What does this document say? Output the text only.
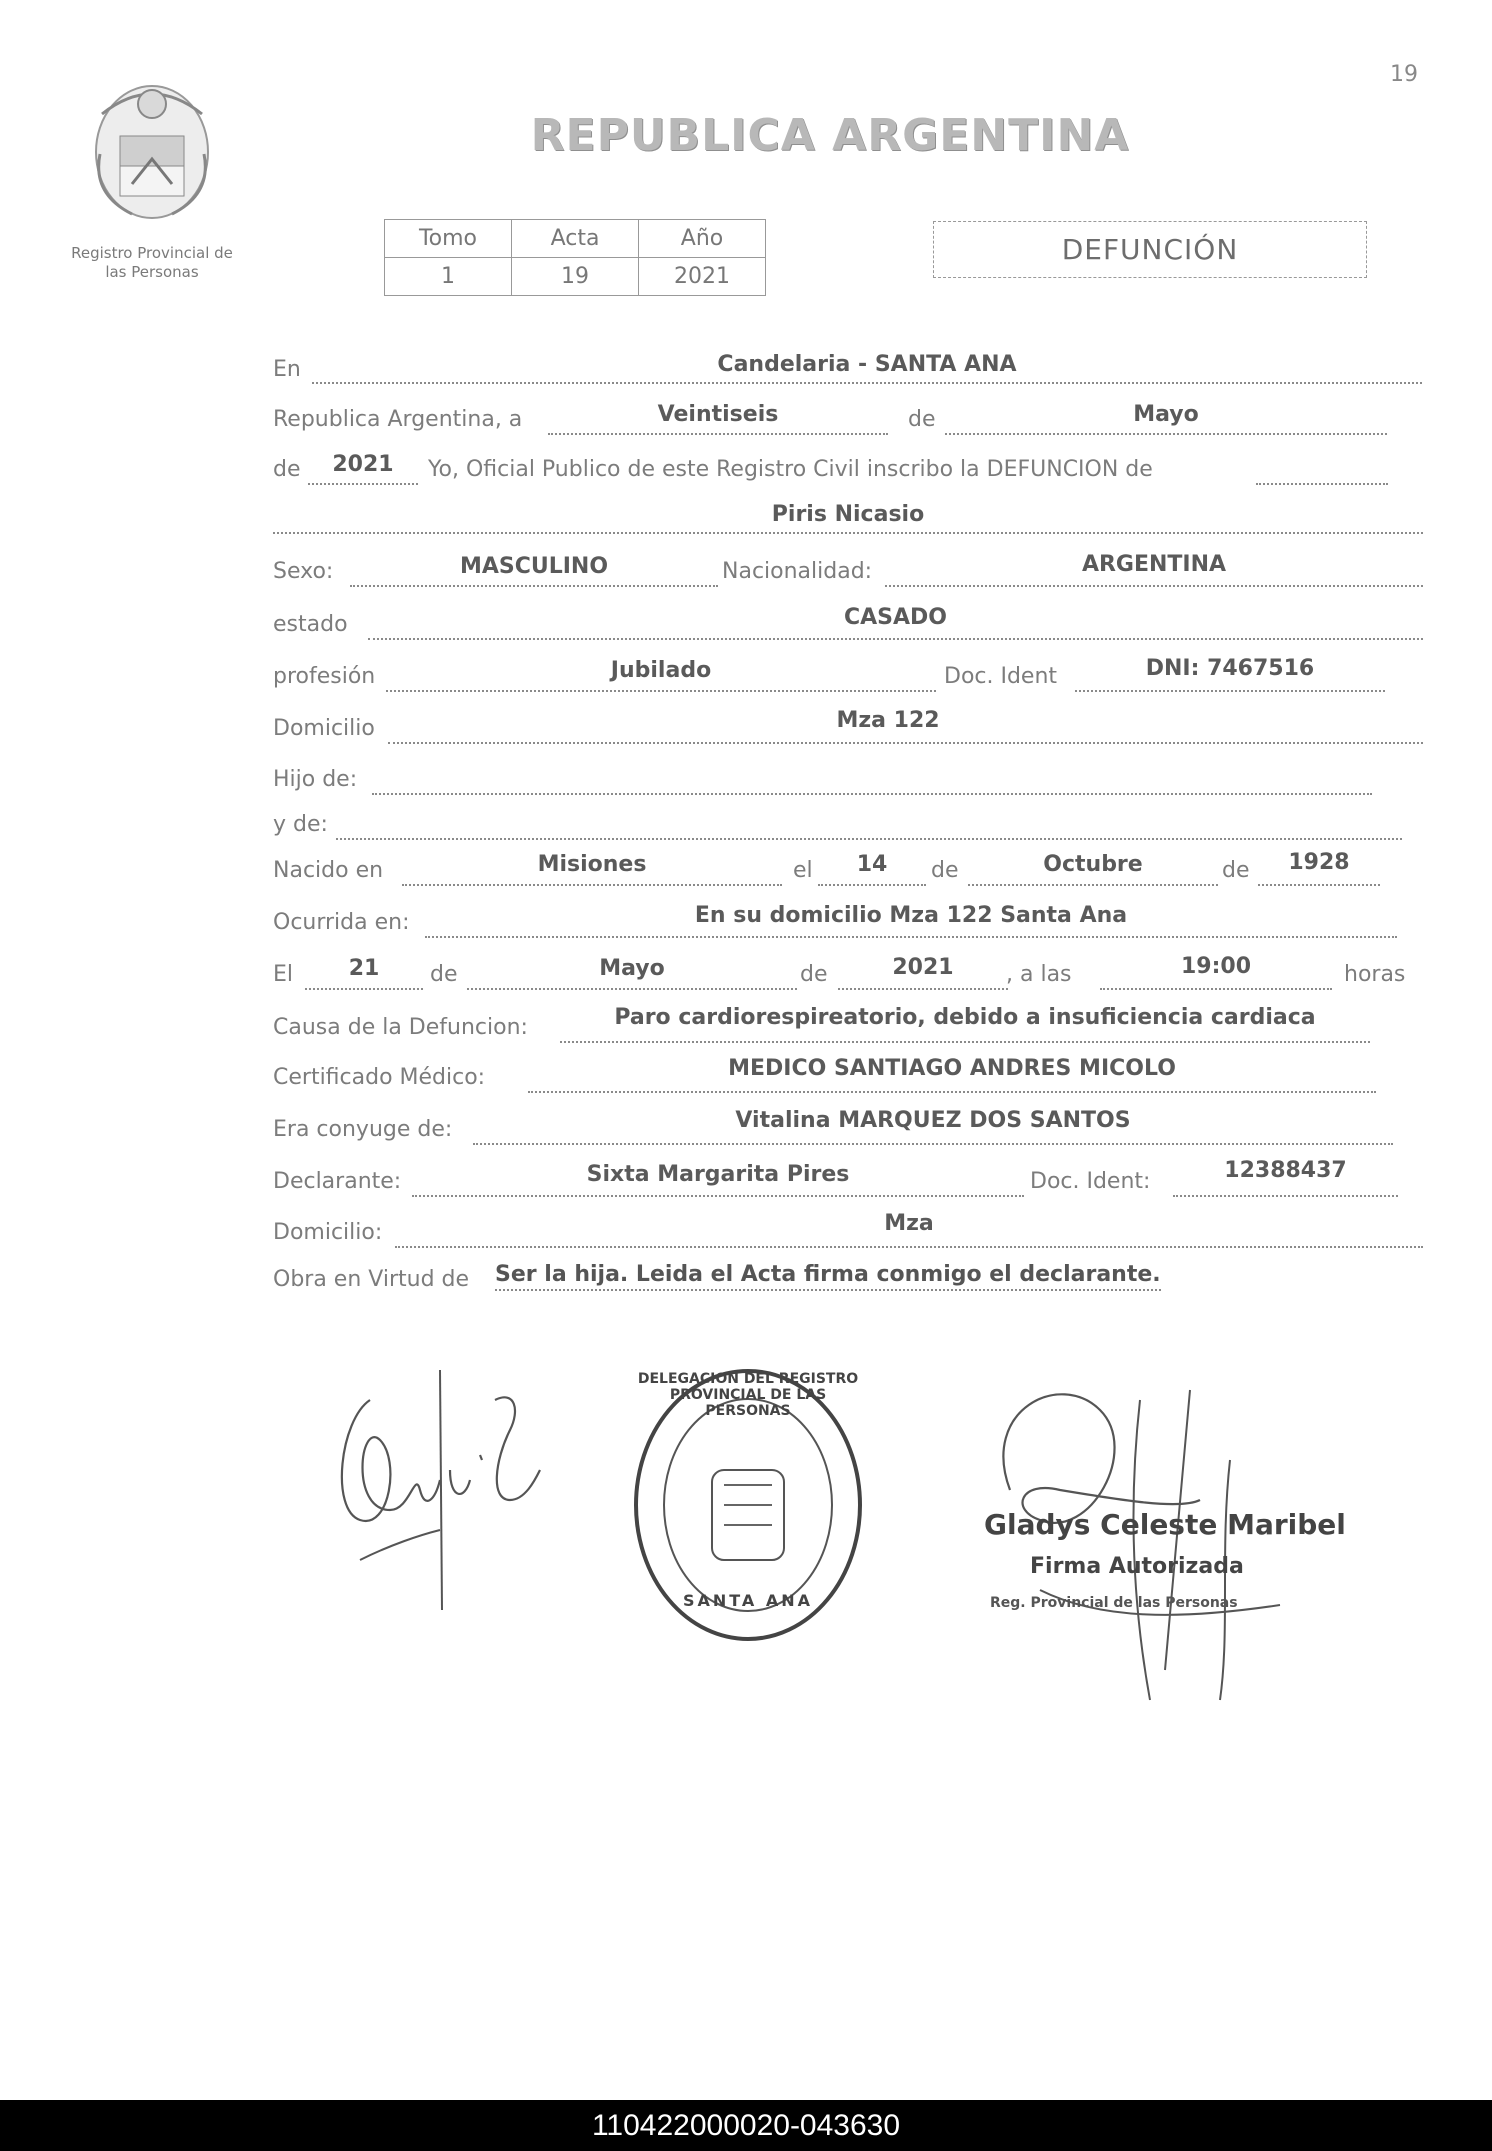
19
Registro Provincial de
las Personas
REPUBLICA ARGENTINA
Tomo	Acta	Año
1	19	2021
DEFUNCIÓN
En	Candelaria - SANTA ANA
Republica Argentina, a	Veintiseis	de	Mayo
de	2021	Yo, Oficial Publico de este Registro Civil inscribo la DEFUNCION de
Piris Nicasio
Sexo:	MASCULINO	Nacionalidad:	ARGENTINA
estado	CASADO
profesión	Jubilado	Doc. Ident	DNI: 7467516
Domicilio	Mza 122
Hijo de:
y de:
Nacido en	Misiones	el	14	de	Octubre	de	1928
Ocurrida en:	En su domicilio Mza 122 Santa Ana
El	21	de	Mayo	de	2021	, a las	19:00	horas
Causa de la Defuncion:	Paro cardiorespireatorio, debido a insuficiencia cardiaca
Certificado Médico:	MEDICO SANTIAGO ANDRES MICOLO
Era conyuge de:	Vitalina MARQUEZ DOS SANTOS
Declarante:	Sixta Margarita Pires	Doc. Ident:	12388437
Domicilio:	Mza
Obra en Virtud de Ser la hija. Leida el Acta firma conmigo el declarante.
DELEGACION DEL REGISTRO PROVINCIAL DE LAS PERSONAS
SANTA ANA
Gladys Celeste Maribel
Firma Autorizada
Reg. Provincial de las Personas
110422000020-043630
